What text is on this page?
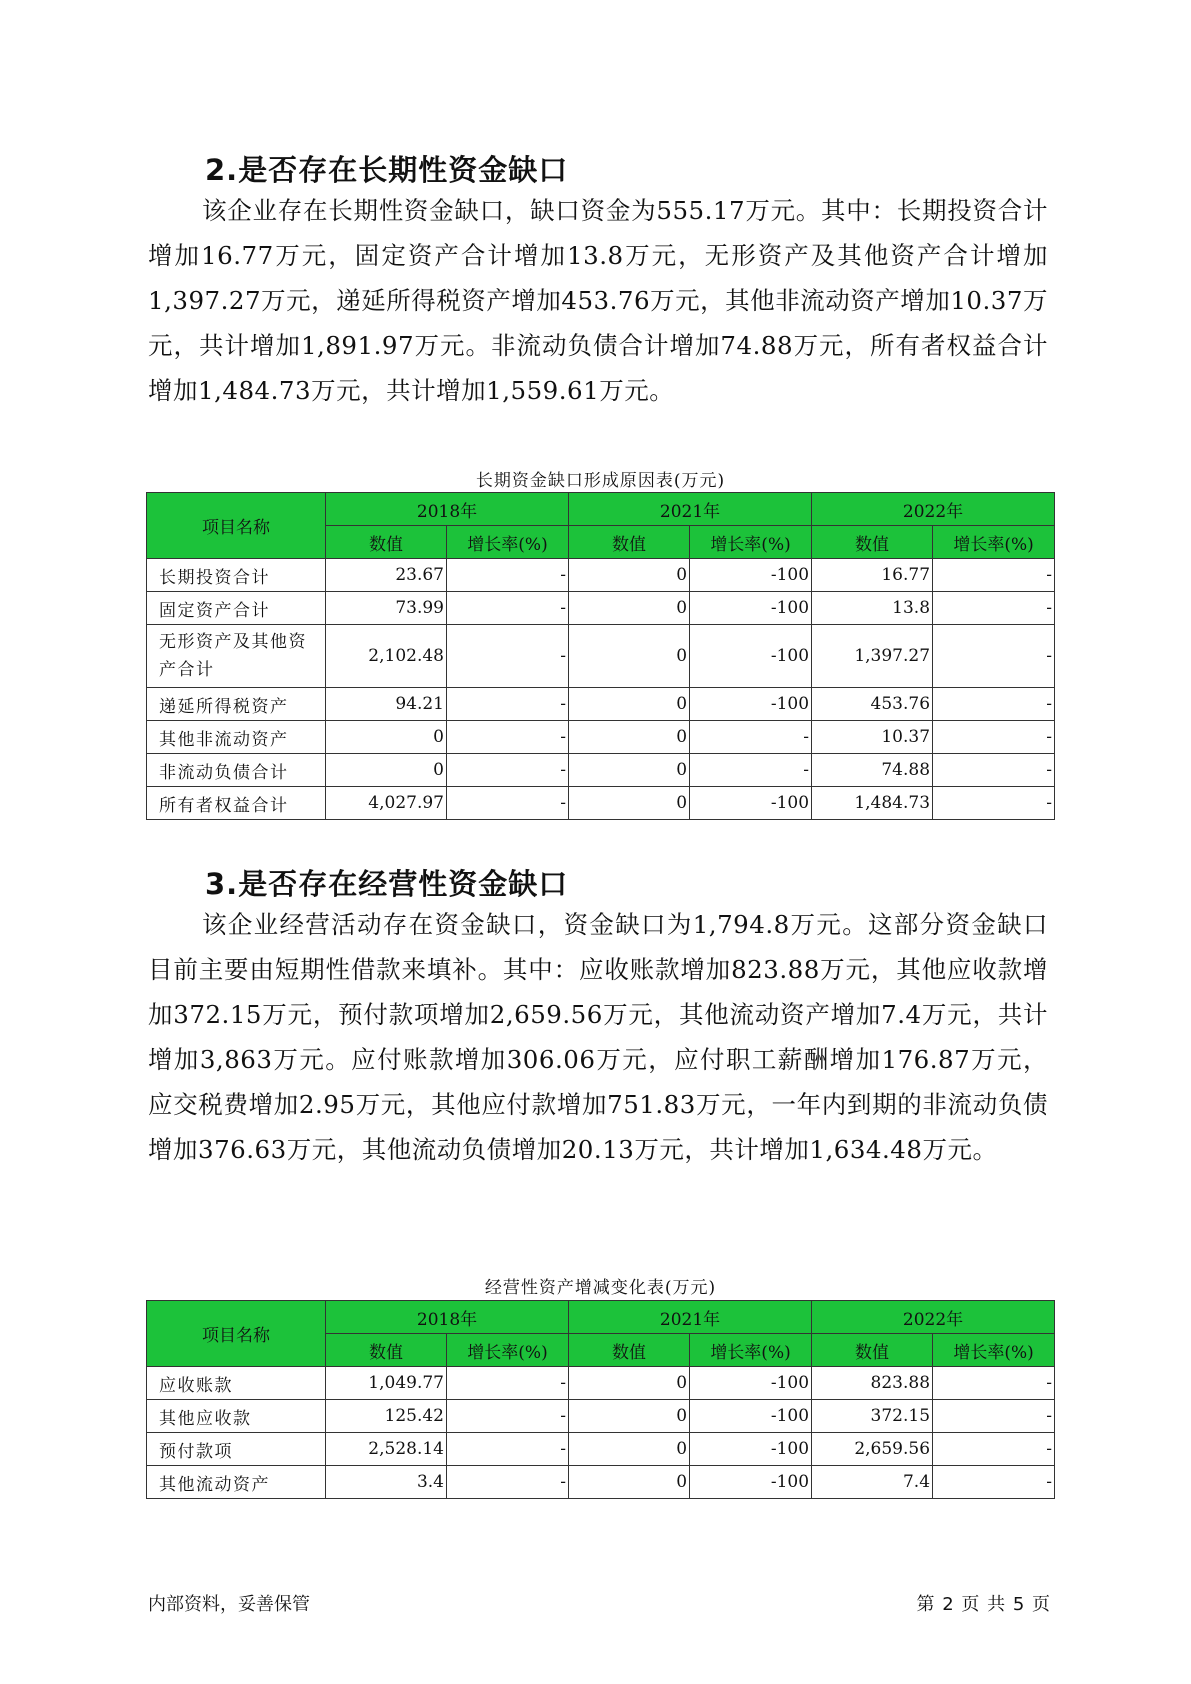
2.是否存在长期性资金缺口

该企业存在长期性资金缺口，缺口资金为555.17万元。其中：长期投资合计增加16.77万元，固定资产合计增加13.8万元，无形资产及其他资产合计增加1,397.27万元，递延所得税资产增加453.76万元，其他非流动资产增加10.37万元，共计增加1,891.97万元。非流动负债合计增加74.88万元，所有者权益合计增加1,484.73万元，共计增加1,559.61万元。

长期资金缺口形成原因表(万元)
项目名称	2018年		2021年		2022年	
	数值	增长率(%)	数值	增长率(%)	数值	增长率(%)
长期投资合计	23.67	-	0	-100	16.77	-
固定资产合计	73.99	-	0	-100	13.8	-
无形资产及其他资产合计	2,102.48	-	0	-100	1,397.27	-
递延所得税资产	94.21	-	0	-100	453.76	-
其他非流动资产	0	-	0	-	10.37	-
非流动负债合计	0	-	0	-	74.88	-
所有者权益合计	4,027.97	-	0	-100	1,484.73	-
3.是否存在经营性资金缺口

该企业经营活动存在资金缺口，资金缺口为1,794.8万元。这部分资金缺口目前主要由短期性借款来填补。其中：应收账款增加823.88万元，其他应收款增加372.15万元，预付款项增加2,659.56万元，其他流动资产增加7.4万元，共计增加3,863万元。应付账款增加306.06万元，应付职工薪酬增加176.87万元，应交税费增加2.95万元，其他应付款增加751.83万元，一年内到期的非流动负债增加376.63万元，其他流动负债增加20.13万元，共计增加1,634.48万元。

经营性资产增减变化表(万元)
项目名称	2018年		2021年		2022年	
	数值	增长率(%)	数值	增长率(%)	数值	增长率(%)
应收账款	1,049.77	-	0	-100	823.88	-
其他应收款	125.42	-	0	-100	372.15	-
预付款项	2,528.14	-	0	-100	2,659.56	-
其他流动资产	3.4	-	0	-100	7.4	-
内部资料，妥善保管	第 2 页 共 5 页
